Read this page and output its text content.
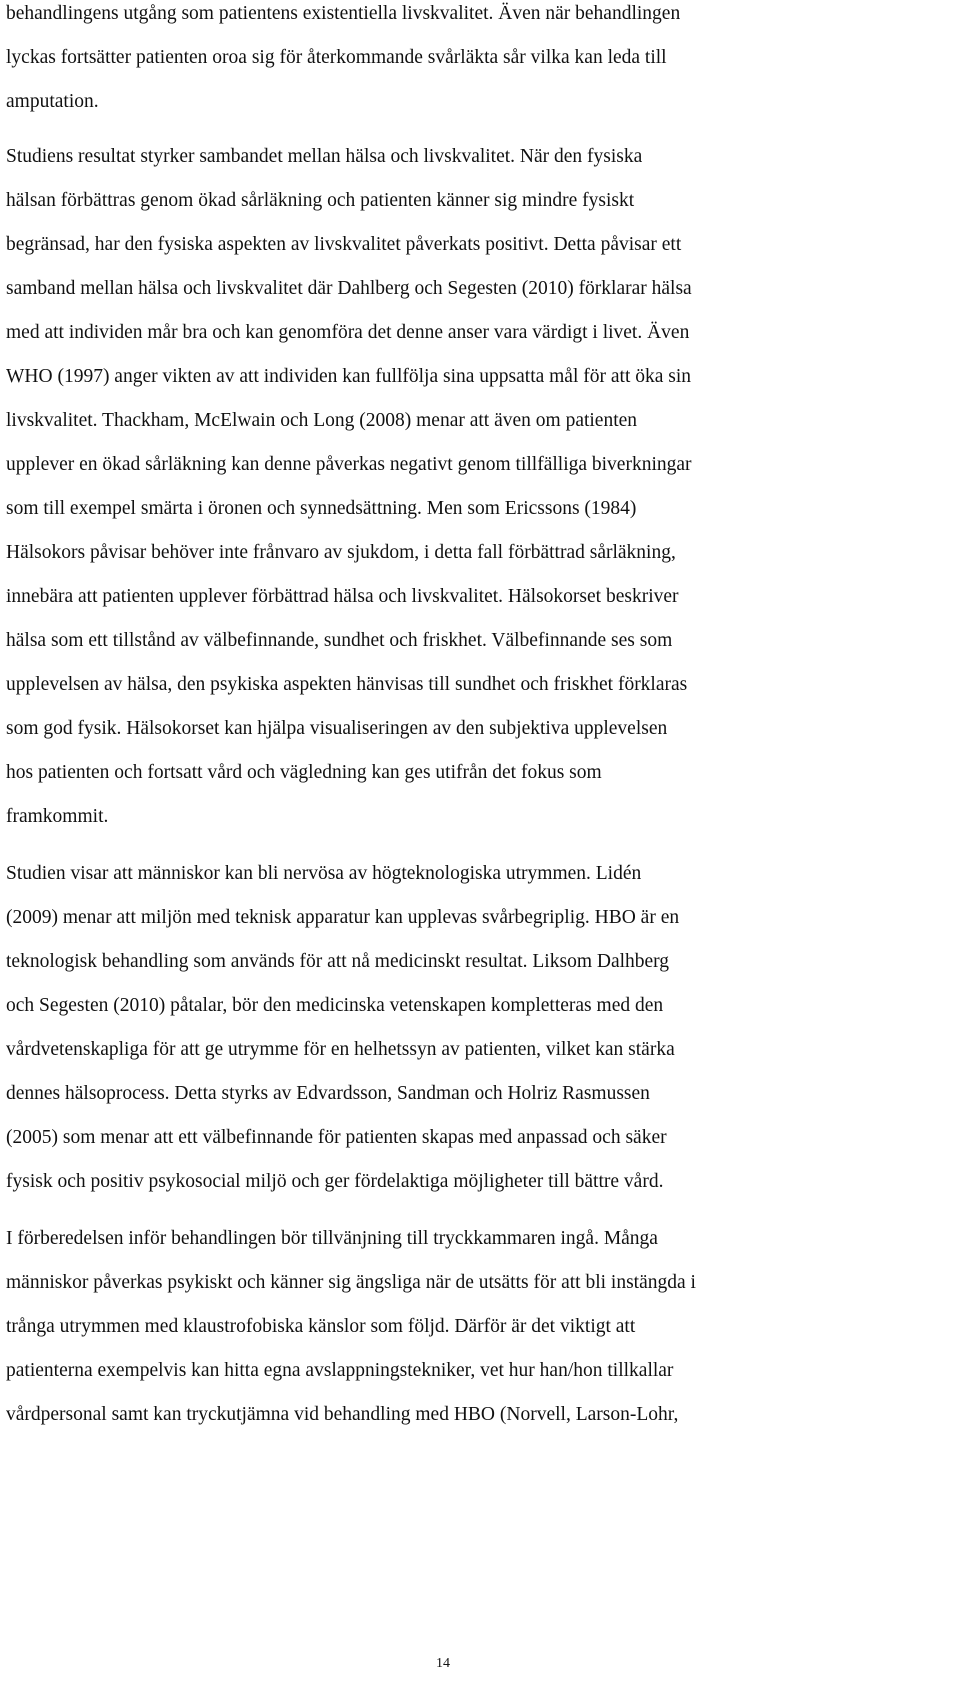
behandlingens utgång som patientens existentiella livskvalitet. Även när behandlingen
lyckas fortsätter patienten oroa sig för återkommande svårläkta sår vilka kan leda till
amputation.
Studiens resultat styrker sambandet mellan hälsa och livskvalitet. När den fysiska
hälsan förbättras genom ökad sårläkning och patienten känner sig mindre fysiskt
begränsad, har den fysiska aspekten av livskvalitet påverkats positivt. Detta påvisar ett
samband mellan hälsa och livskvalitet där Dahlberg och Segesten (2010) förklarar hälsa
med att individen mår bra och kan genomföra det denne anser vara värdigt i livet. Även
WHO (1997) anger vikten av att individen kan fullfölja sina uppsatta mål för att öka sin
livskvalitet. Thackham, McElwain och Long (2008) menar att även om patienten
upplever en ökad sårläkning kan denne påverkas negativt genom tillfälliga biverkningar
som till exempel smärta i öronen och synnedsättning. Men som Ericssons (1984)
Hälsokors påvisar behöver inte frånvaro av sjukdom, i detta fall förbättrad sårläkning,
innebära att patienten upplever förbättrad hälsa och livskvalitet. Hälsokorset beskriver
hälsa som ett tillstånd av välbefinnande, sundhet och friskhet. Välbefinnande ses som
upplevelsen av hälsa, den psykiska aspekten hänvisas till sundhet och friskhet förklaras
som god fysik. Hälsokorset kan hjälpa visualiseringen av den subjektiva upplevelsen
hos patienten och fortsatt vård och vägledning kan ges utifrån det fokus som
framkommit.
Studien visar att människor kan bli nervösa av högteknologiska utrymmen. Lidén
(2009) menar att miljön med teknisk apparatur kan upplevas svårbegriplig. HBO är en
teknologisk behandling som används för att nå medicinskt resultat. Liksom Dalhberg
och Segesten (2010) påtalar, bör den medicinska vetenskapen kompletteras med den
vårdvetenskapliga för att ge utrymme för en helhetssyn av patienten, vilket kan stärka
dennes hälsoprocess. Detta styrks av Edvardsson, Sandman och Holriz Rasmussen
(2005) som menar att ett välbefinnande för patienten skapas med anpassad och säker
fysisk och positiv psykosocial miljö och ger fördelaktiga möjligheter till bättre vård.
I förberedelsen inför behandlingen bör tillvänjning till tryckkammaren ingå. Många
människor påverkas psykiskt och känner sig ängsliga när de utsätts för att bli instängda i
trånga utrymmen med klaustrofobiska känslor som följd. Därför är det viktigt att
patienterna exempelvis kan hitta egna avslappningstekniker, vet hur han/hon tillkallar
vårdpersonal samt kan tryckutjämna vid behandling med HBO (Norvell, Larson-Lohr,
14
